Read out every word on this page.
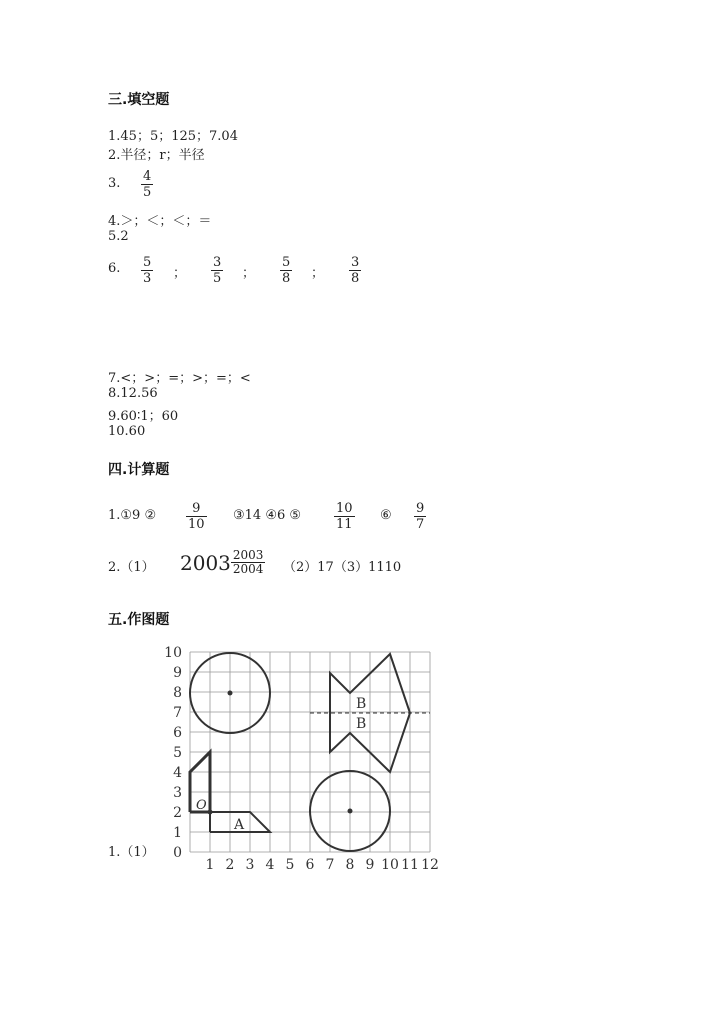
三.填空题
1.45；5；125；7.04
2.半径；r；半径
3. 4
5
4.＞；＜；＜；＝
5.2
6. 5
3 ；
3
5 ；
5
8 ；
3
8
7.<；>；=；>；=；<
8.12.56
9.60∶1；60
10.60
四.计算题
1.①9 ②	9
10
③14 ④6 ⑤	10
11
⑥ 9
7
2.（1） $2003 \frac{2003}{2004} (2)17(3)1110$
五.作图题
1.（1）
1 2 3 4 5 6 7 8 9 10 11 12
0
1
2
3
4
5
6
7
8
9
10
A
O
B
B
